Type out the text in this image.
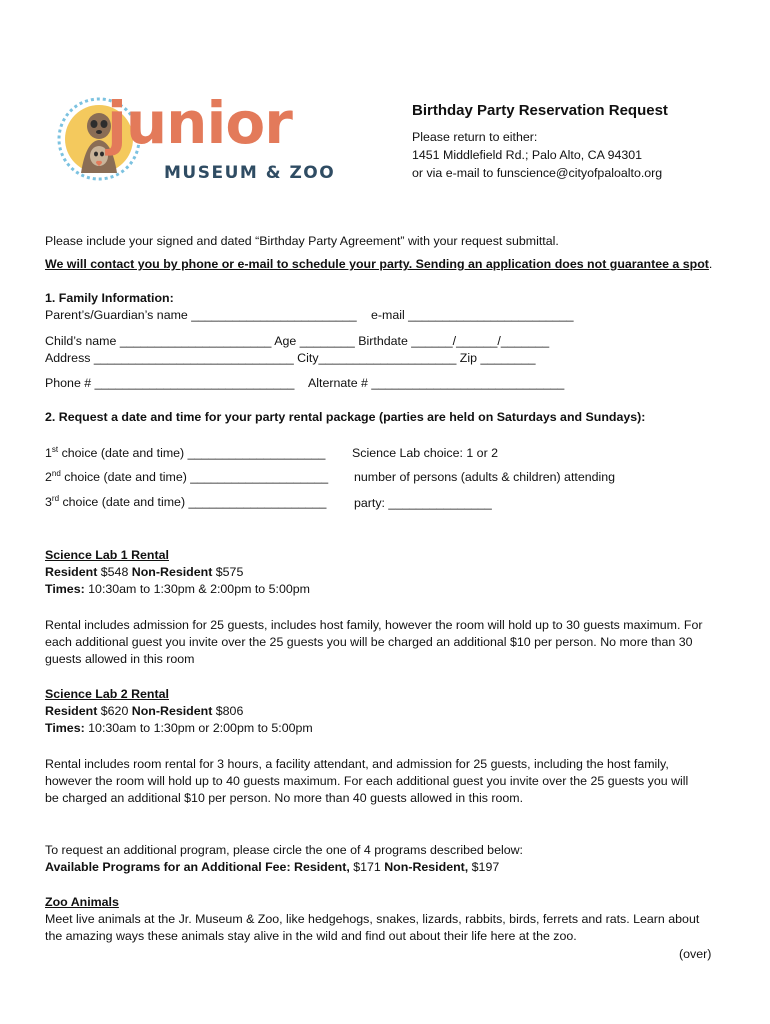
junior
MUSEUM & ZOO
Birthday Party Reservation Request
Please return to either:
1451 Middlefield Rd.; Palo Alto, CA 94301
or via e-mail to funscience@cityofpaloalto.org
Please include your signed and dated “Birthday Party Agreement” with your request submittal.
We will contact you by phone or e-mail to schedule your party. Sending an application does not guarantee a spot.
1. Family Information:
Parent’s/Guardian’s name ________________________ e-mail ________________________
Child’s name ______________________ Age ________ Birthdate ______/______/_______
Address _____________________________ City____________________ Zip ________
Phone # _____________________________ Alternate # ____________________________
2. Request a date and time for your party rental package (parties are held on Saturdays and Sundays):
1st choice (date and time) ____________________ Science Lab choice: 1 or 2
2nd choice (date and time) ____________________ number of persons (adults & children) attending
3rd choice (date and time) ____________________ party: _______________
Science Lab 1 Rental
Resident $548 Non-Resident $575
Times: 10:30am to 1:30pm & 2:00pm to 5:00pm
Rental includes admission for 25 guests, includes host family, however the room will hold up to 30 guests maximum. For
each additional guest you invite over the 25 guests you will be charged an additional $10 per person. No more than 30
guests allowed in this room
Science Lab 2 Rental
Resident $620 Non-Resident $806
Times: 10:30am to 1:30pm or 2:00pm to 5:00pm
Rental includes room rental for 3 hours, a facility attendant, and admission for 25 guests, including the host family,
however the room will hold up to 40 guests maximum. For each additional guest you invite over the 25 guests you will
be charged an additional $10 per person. No more than 40 guests allowed in this room.
To request an additional program, please circle the one of 4 programs described below:
Available Programs for an Additional Fee: Resident, $171 Non-Resident, $197
Zoo Animals
Meet live animals at the Jr. Museum & Zoo, like hedgehogs, snakes, lizards, rabbits, birds, ferrets and rats. Learn about
the amazing ways these animals stay alive in the wild and find out about their life here at the zoo.
(over)
